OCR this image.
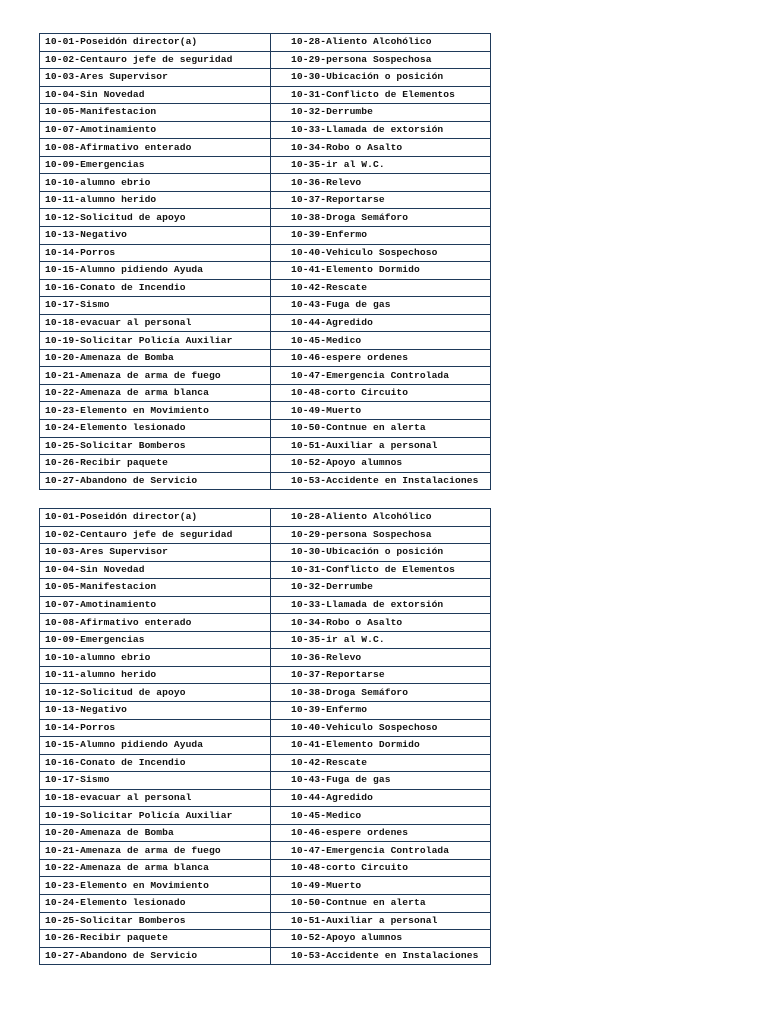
10-01-Poseidón director(a)	10-28-Aliento Alcohólico
10-02-Centauro jefe de seguridad	10-29-persona Sospechosa
10-03-Ares Supervisor	10-30-Ubicación o posición
10-04-Sin Novedad	10-31-Conflicto de Elementos
10-05-Manifestacion	10-32-Derrumbe
10-07-Amotinamiento	10-33-Llamada de extorsión
10-08-Afirmativo enterado	10-34-Robo o Asalto
10-09-Emergencias	10-35-ir al W.C.
10-10-alumno ebrio	10-36-Relevo
10-11-alumno herido	10-37-Reportarse
10-12-Solicitud de apoyo	10-38-Droga Semáforo
10-13-Negativo	10-39-Enfermo
10-14-Porros	10-40-Vehiculo Sospechoso
10-15-Alumno pidiendo Ayuda	10-41-Elemento Dormido
10-16-Conato de Incendio	10-42-Rescate
10-17-Sismo	10-43-Fuga de gas
10-18-evacuar al personal	10-44-Agredido
10-19-Solicitar Policía Auxiliar	10-45-Medico
10-20-Amenaza de Bomba	10-46-espere ordenes
10-21-Amenaza de arma de fuego	10-47-Emergencia Controlada
10-22-Amenaza de arma blanca	10-48-corto Circuito
10-23-Elemento en Movimiento	10-49-Muerto
10-24-Elemento lesionado	10-50-Contnue en alerta
10-25-Solicitar Bomberos	10-51-Auxiliar a personal
10-26-Recibir paquete	10-52-Apoyo alumnos
10-27-Abandono de Servicio	10-53-Accidente en Instalaciones
10-01-Poseidón director(a)	10-28-Aliento Alcohólico
10-02-Centauro jefe de seguridad	10-29-persona Sospechosa
10-03-Ares Supervisor	10-30-Ubicación o posición
10-04-Sin Novedad	10-31-Conflicto de Elementos
10-05-Manifestacion	10-32-Derrumbe
10-07-Amotinamiento	10-33-Llamada de extorsión
10-08-Afirmativo enterado	10-34-Robo o Asalto
10-09-Emergencias	10-35-ir al W.C.
10-10-alumno ebrio	10-36-Relevo
10-11-alumno herido	10-37-Reportarse
10-12-Solicitud de apoyo	10-38-Droga Semáforo
10-13-Negativo	10-39-Enfermo
10-14-Porros	10-40-Vehiculo Sospechoso
10-15-Alumno pidiendo Ayuda	10-41-Elemento Dormido
10-16-Conato de Incendio	10-42-Rescate
10-17-Sismo	10-43-Fuga de gas
10-18-evacuar al personal	10-44-Agredido
10-19-Solicitar Policía Auxiliar	10-45-Medico
10-20-Amenaza de Bomba	10-46-espere ordenes
10-21-Amenaza de arma de fuego	10-47-Emergencia Controlada
10-22-Amenaza de arma blanca	10-48-corto Circuito
10-23-Elemento en Movimiento	10-49-Muerto
10-24-Elemento lesionado	10-50-Contnue en alerta
10-25-Solicitar Bomberos	10-51-Auxiliar a personal
10-26-Recibir paquete	10-52-Apoyo alumnos
10-27-Abandono de Servicio	10-53-Accidente en Instalaciones
